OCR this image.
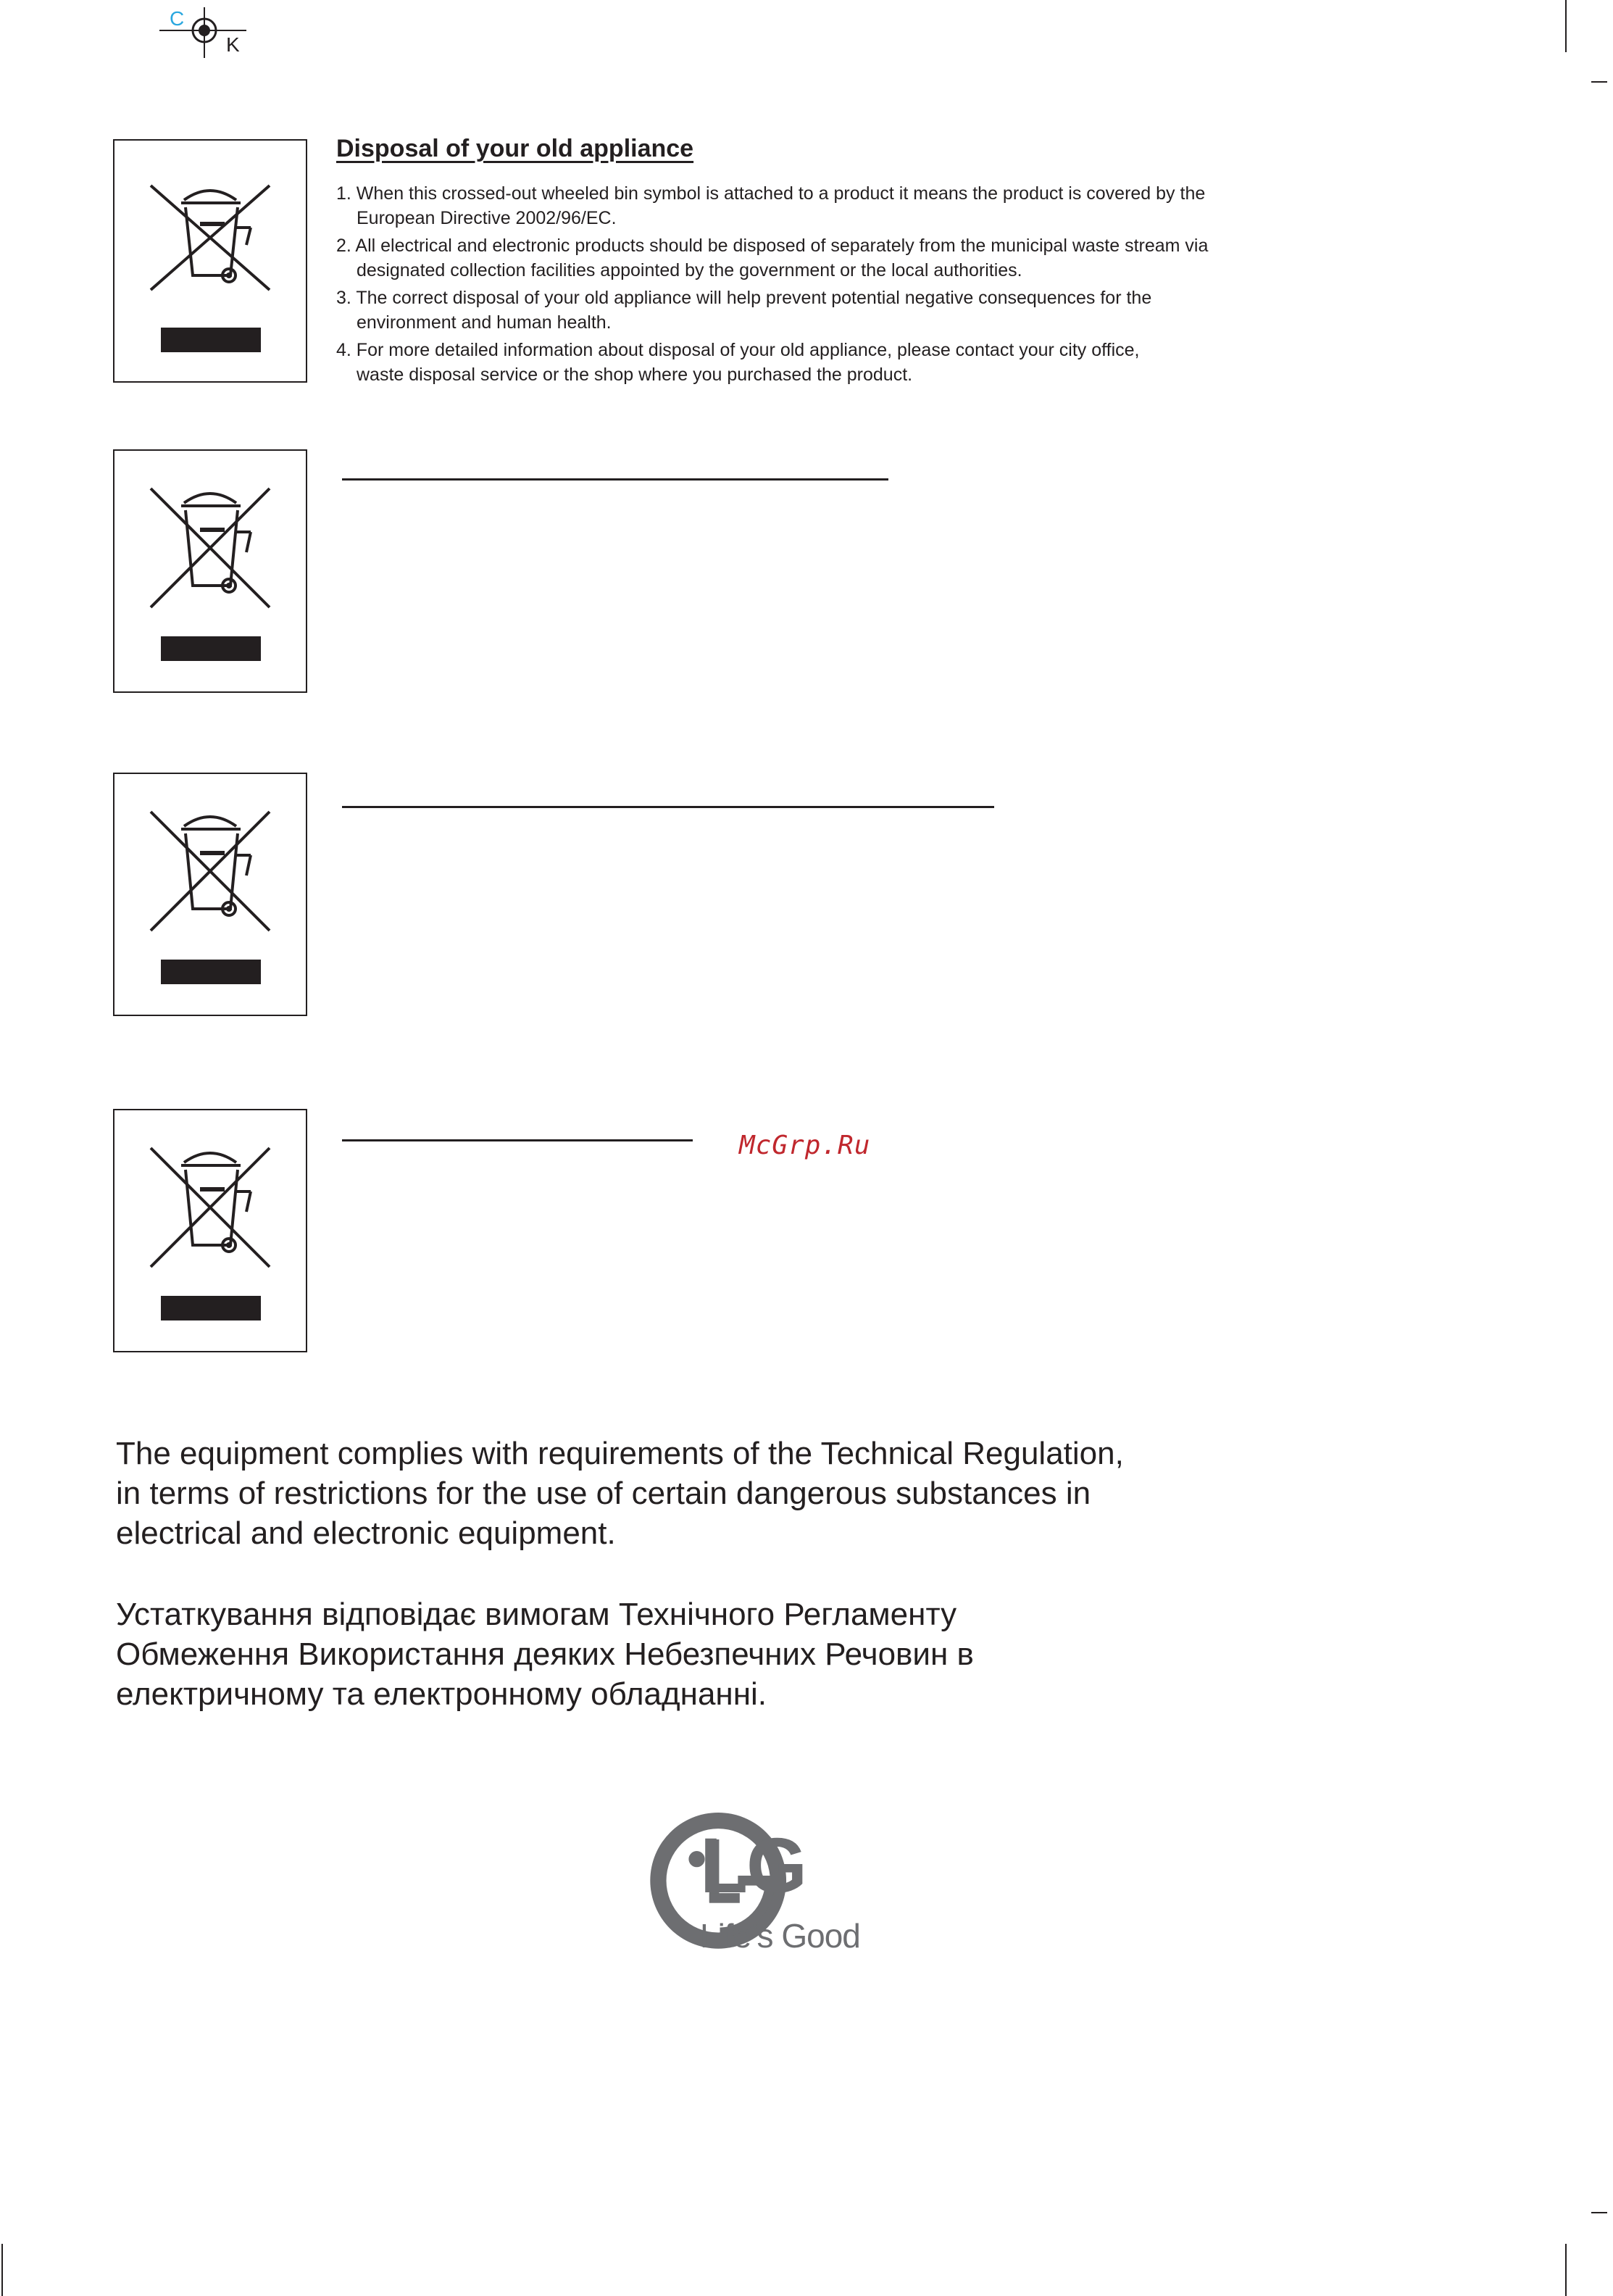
C
K
Disposal of your old appliance
1. When this crossed-out wheeled bin symbol is attached to a product it means the product is covered by the
European Directive 2002/96/EC.
2. All electrical and electronic products should be disposed of separately from the municipal waste stream via
designated collection facilities appointed by the government or the local authorities.
3. The correct disposal of your old appliance will help prevent potential negative consequences for the
environment and human health.
4. For more detailed information about disposal of your old appliance, please contact your city office,
waste disposal service or the shop where you purchased the product.
McGrp.Ru
The equipment complies with requirements of the Technical Regulation,
in terms of restrictions for the use of certain dangerous substances in
electrical and electronic equipment.
Устаткування відповідає вимогам Технічного Регламенту
Обмеження Використання деяких Небезпечних Речовин в
електричному та електронному обладнанні.
LG
Life’s Good
